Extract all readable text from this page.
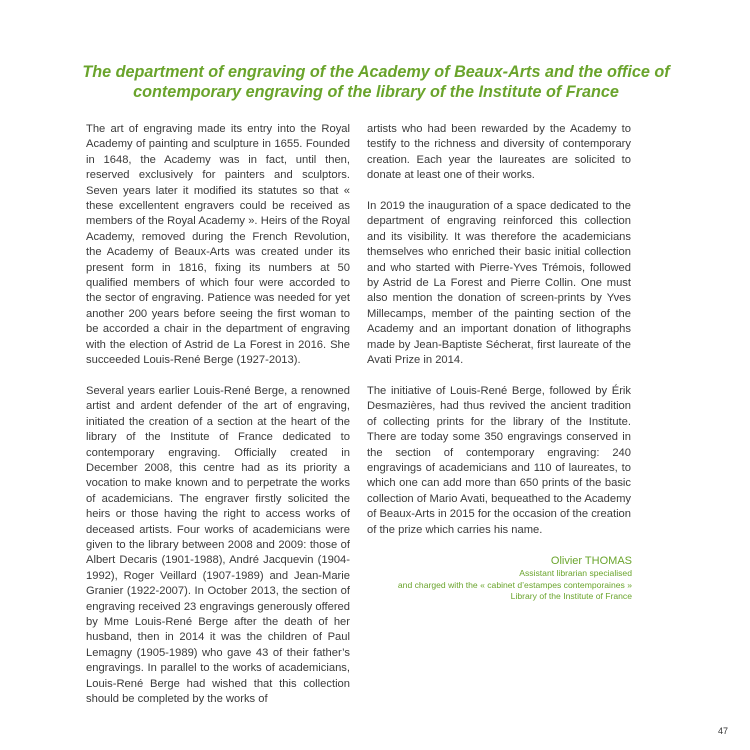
The department of engraving of the Academy of Beaux-Arts and the office of contemporary engraving of the library of the Institute of France

The art of engraving made its entry into the Royal Academy of painting and sculpture in 1655. Founded in 1648, the Academy was in fact, until then, reserved exclusively for painters and sculptors. Seven years later it modified its statutes so that « these excellentent engravers could be received as members of the Royal Academy ». Heirs of the Royal Academy, removed during the French Revolution, the Academy of Beaux-Arts was created under its present form in 1816, fixing its numbers at 50 qualified members of which four were accorded to the sector of engraving. Patience was needed for yet another 200 years before seeing the first woman to be accorded a chair in the department of engraving with the election of Astrid de La Forest in 2016. She succeeded Louis-René Berge (1927-2013).

Several years earlier Louis-René Berge, a renowned artist and ardent defender of the art of engraving, initiated the creation of a section at the heart of the library of the Institute of France dedicated to contemporary engraving. Officially created in December 2008, this centre had as its priority a vocation to make known and to perpetrate the works of academicians. The engraver firstly solicited the heirs or those having the right to access works of deceased artists. Four works of academicians were given to the library between 2008 and 2009: those of Albert Decaris (1901-1988), André Jacquevin (1904-1992), Roger Veillard (1907-1989) and Jean-Marie Granier (1922-2007). In October 2013, the section of engraving received 23 engravings generously offered by Mme Louis-René Berge after the death of her husband, then in 2014 it was the children of Paul Lemagny (1905-1989) who gave 43 of their father’s engravings. In parallel to the works of academicians, Louis-René Berge had wished that this collection should be completed by the works of

artists who had been rewarded by the Academy to testify to the richness and diversity of contemporary creation. Each year the laureates are solicited to donate at least one of their works.

In 2019 the inauguration of a space dedicated to the department of engraving reinforced this collection and its visibility. It was therefore the academicians themselves who enriched their basic initial collection and who started with Pierre-Yves Trémois, followed by Astrid de La Forest and Pierre Collin. One must also mention the donation of screen-prints by Yves Millecamps, member of the painting section of the Academy and an important donation of lithographs made by Jean-Baptiste Sécherat, first laureate of the Avati Prize in 2014.

The initiative of Louis-René Berge, followed by Érik Desmazières, had thus revived the ancient tradition of collecting prints for the library of the Institute. There are today some 350 engravings conserved in the section of contemporary engraving: 240 engravings of academicians and 110 of laureates, to which one can add more than 650 prints of the basic collection of Mario Avati, bequeathed to the Academy of Beaux-Arts in 2015 for the occasion of the creation of the prize which carries his name.

Olivier THOMAS
Assistant librarian specialised
and charged with the « cabinet d’estampes contemporaines »
Library of the Institute of France
47
